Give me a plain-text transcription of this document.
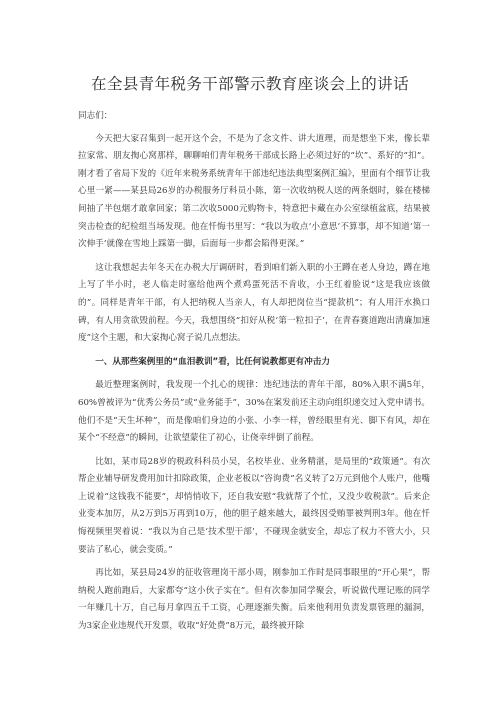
在全县青年税务干部警示教育座谈会上的讲话

同志们：

今天把大家召集到一起开这个会，不是为了念文件、讲大道理，而是想坐下来，像长辈拉家常、朋友掏心窝那样，聊聊咱们青年税务干部成长路上必须过好的“坎”、系好的“扣”。刚才看了省局下发的《近年来税务系统青年干部违纪违法典型案例汇编》，里面有个细节让我心里一紧——某县局26岁的办税服务厅科员小陈，第一次收纳税人送的两条烟时，躲在楼梯间抽了半包烟才敢拿回家；第二次收5000元购物卡，特意把卡藏在办公室绿植盆底，结果被突击检查的纪检组当场发现。他在忏悔书里写：“我以为收点‘小意思’不算事，却不知道‘第一次伸手’就像在雪地上踩第一脚，后面每一步都会陷得更深。”

这让我想起去年冬天在办税大厅调研时，看到咱们新入职的小王蹲在老人身边，蹲在地上写了半小时，老人临走时塞给他两个煮鸡蛋死活不肯收，小王红着脸说“这是我应该做的”。同样是青年干部，有人把纳税人当亲人，有人却把岗位当“提款机”；有人用汗水换口碑，有人用贪欲毁前程。今天，我想围绕“扣好从税‘第一粒扣子’，在青春赛道跑出清廉加速度”这个主题，和大家掏心窝子说几点想法。

一、从那些案例里的“血泪教训”看，比任何说教都更有冲击力

最近整理案例时，我发现一个扎心的规律：违纪违法的青年干部，80%入职不满5年，60%曾被评为“优秀公务员”或“业务能手”，30%在案发前还主动向组织递交过入党申请书。他们不是“天生坏种”，而是像咱们身边的小张、小李一样，曾经眼里有光、脚下有风，却在某个“不经意”的瞬间，让欲望蒙住了初心，让侥幸绊倒了前程。

比如，某市局28岁的税政科科员小吴，名校毕业、业务精湛，是局里的“政策通”。有次帮企业辅导研发费用加计扣除政策，企业老板以“咨询费”名义转了2万元到他个人账户，他嘴上说着“这钱我不能要”，却悄悄收下，还自我安慰“我就帮了个忙，又没少收税款”。后来企业变本加厉，从2万到5万再到10万，他的胆子越来越大，最终因受贿罪被判刑3年。他在忏悔视频里哭着说：“我以为自己是‘技术型干部’，不碰现金就安全，却忘了权力不管大小，只要沾了私心，就会变质。”

再比如，某县局24岁的征收管理岗干部小周，刚参加工作时是同事眼里的“开心果”，帮纳税人跑前跑后，大家都夸“这小伙子实在”。但有次参加同学聚会，听说做代理记账的同学一年赚几十万，自己每月拿四五千工资，心理逐渐失衡。后来他利用负责发票管理的漏洞，为3家企业违规代开发票，收取“好处费”8万元，最终被开除
